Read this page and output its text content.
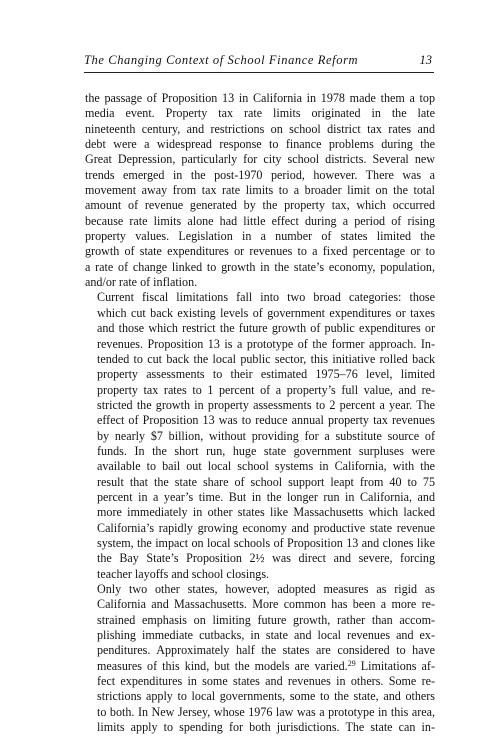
The Changing Context of School Finance Reform	13

the passage of Proposition 13 in California in 1978 made them a top
media event. Property tax rate limits originated in the late
nineteenth century, and restrictions on school district tax rates and
debt were a widespread response to finance problems during the
Great Depression, particularly for city school districts. Several new
trends emerged in the post-1970 period, however. There was a
movement away from tax rate limits to a broader limit on the total
amount of revenue generated by the property tax, which occurred
because rate limits alone had little effect during a period of rising
property values. Legislation in a number of states limited the
growth of state expenditures or revenues to a fixed percentage or to
a rate of change linked to growth in the state’s economy, population,
and/or rate of inflation.

Current fiscal limitations fall into two broad categories: those
which cut back existing levels of government expenditures or taxes
and those which restrict the future growth of public expenditures or
revenues. Proposition 13 is a prototype of the former approach. In-
tended to cut back the local public sector, this initiative rolled back
property assessments to their estimated 1975–76 level, limited
property tax rates to 1 percent of a property’s full value, and re-
stricted the growth in property assessments to 2 percent a year. The
effect of Proposition 13 was to reduce annual property tax revenues
by nearly $7 billion, without providing for a substitute source of
funds. In the short run, huge state government surpluses were
available to bail out local school systems in California, with the
result that the state share of school support leapt from 40 to 75
percent in a year’s time. But in the longer run in California, and
more immediately in other states like Massachusetts which lacked
California’s rapidly growing economy and productive state revenue
system, the impact on local schools of Proposition 13 and clones like
the Bay State’s Proposition 2½ was direct and severe, forcing
teacher layoffs and school closings.

Only two other states, however, adopted measures as rigid as
California and Massachusetts. More common has been a more re-
strained emphasis on limiting future growth, rather than accom-
plishing immediate cutbacks, in state and local revenues and ex-
penditures. Approximately half the states are considered to have
measures of this kind, but the models are varied.$^{29}$ Limitations af-
fect expenditures in some states and revenues in others. Some re-
strictions apply to local governments, some to the state, and others
to both. In New Jersey, whose 1976 law was a prototype in this area,
limits apply to spending for both jurisdictions. The state can in-
